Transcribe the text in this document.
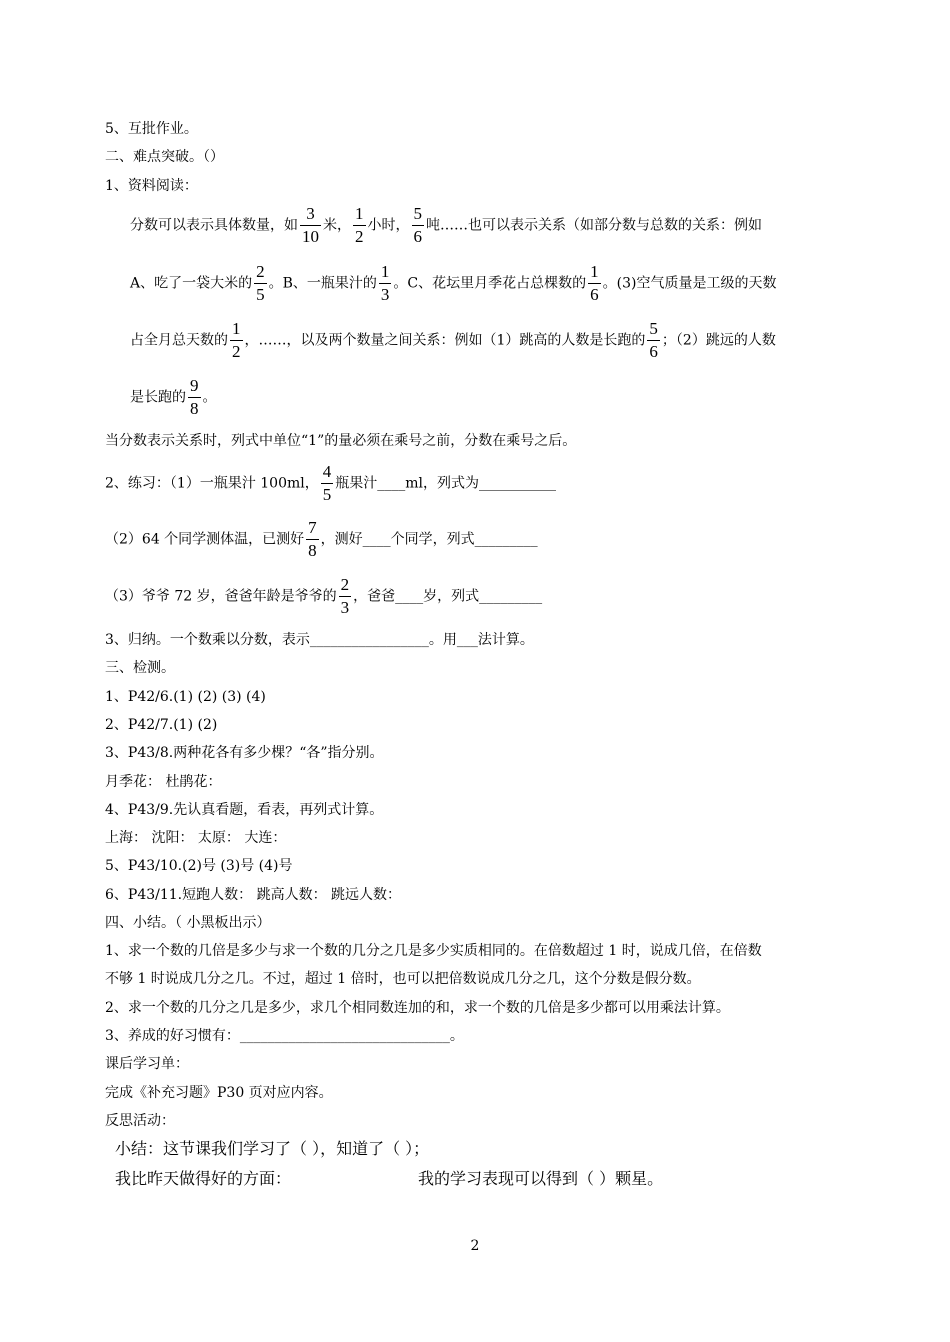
5、互批作业。
二、难点突破。（）
1、资料阅读：
分数可以表示具体数量，如 $\frac{3}{10}$ 米， $\frac{1}{2}$ 小时， $\frac{5}{6}$ 吨……也可以表示关系（如部分数与总数的关系：例如
A、吃了一袋大米的 $\frac{2}{5}$ 。B、一瓶果汁的 $\frac{1}{3}$ 。C、花坛里月季花占总棵数的 $\frac{1}{6}$ 。(3)空气质量是工级的天数
占全月总天数的 $\frac{1}{2}$ ，……，以及两个数量之间关系：例如（1）跳高的人数是长跑的 $\frac{5}{6}$ ；（2）跳远的人数
是长跑的 $\frac{9}{8}$ 。
当分数表示关系时，列式中单位“1”的量必须在乘号之前，分数在乘号之后。
2、练习：（1）一瓶果汁 100ml， $\frac{4}{5}$ 瓶果汁____ml，列式为___________
（2）64 个同学测体温，已测好 $\frac{7}{8}$ ，测好____个同学，列式_________
（3）爷爷 72 岁，爸爸年龄是爷爷的 $\frac{2}{3}$ ，爸爸____岁，列式_________
3、归纳。一个数乘以分数，表示_________________。用___法计算。
三、检测。
1、P42/6.(1) (2) (3) (4)
2、P42/7.(1) (2)
3、P43/8.两种花各有多少棵？“各”指分别。
月季花： 杜鹃花：
4、P43/9.先认真看题，看表，再列式计算。
上海： 沈阳： 太原： 大连：
5、P43/10.(2)号 (3)号 (4)号
6、P43/11.短跑人数： 跳高人数： 跳远人数：
四、小结。（ 小黑板出示）
1、求一个数的几倍是多少与求一个数的几分之几是多少实质相同的。在倍数超过 1 时，说成几倍，在倍数
不够 1 时说成几分之几。不过，超过 1 倍时，也可以把倍数说成几分之几，这个分数是假分数。
2、求一个数的几分之几是多少，求几个相同数连加的和，求一个数的几倍是多少都可以用乘法计算。
3、养成的好习惯有：______________________________。
课后学习单：
完成《补充习题》P30 页对应内容。
反思活动：
小结：这节课我们学习了（ ），知道了（ ）；
我比昨天做得好的方面：	我的学习表现可以得到（ ）颗星。
2
